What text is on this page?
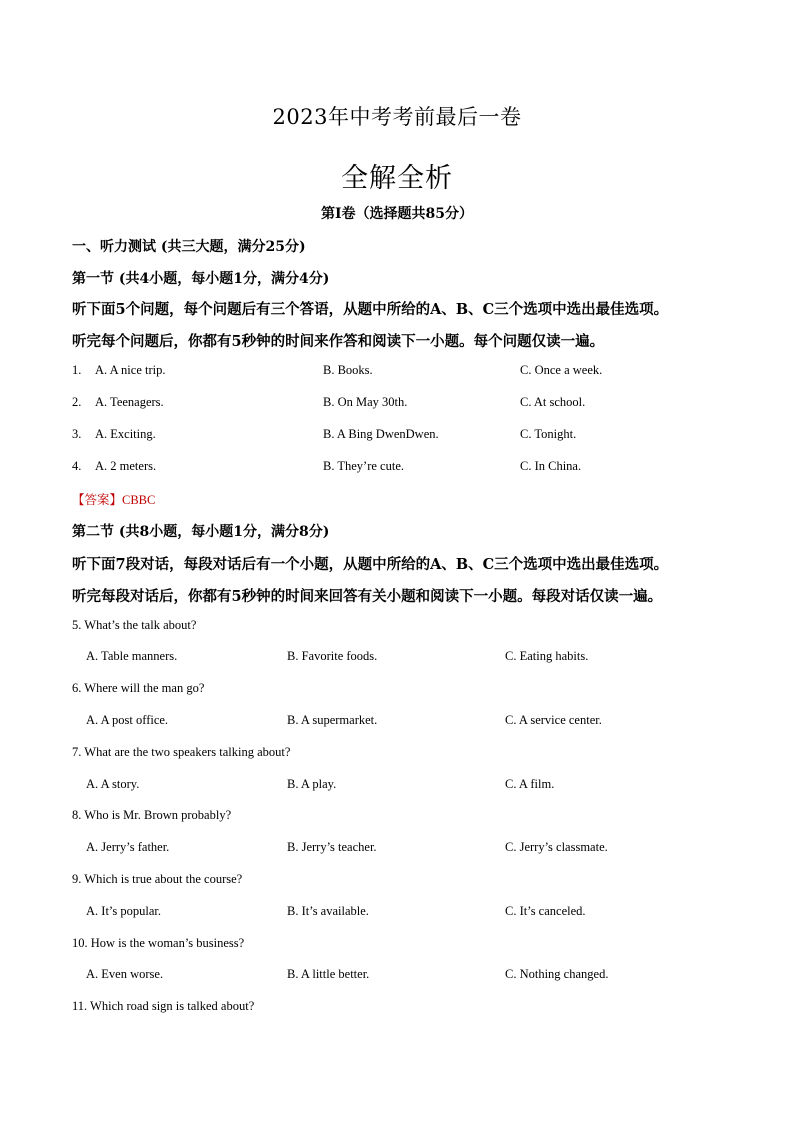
2023年中考考前最后一卷
全解全析
第Ⅰ卷（选择题共85分）
一、听力测试 (共三大题，满分25分)
第一节 (共4小题，每小题1分，满分4分)
听下面5个问题，每个问题后有三个答语，从题中所给的A、B、C三个选项中选出最佳选项。
听完每个问题后，你都有5秒钟的时间来作答和阅读下一小题。每个问题仅读一遍。
1. A. A nice trip.	B. Books.	C. Once a week.
2. A. Teenagers.	B. On May 30th.	C. At school.
3. A. Exciting.	B. A Bing DwenDwen.	C. Tonight.
4. A. 2 meters.	B. They’re cute.	C. In China.
【答案】CBBC
第二节 (共8小题，每小题1分，满分8分)
听下面7段对话，每段对话后有一个小题，从题中所给的A、B、C三个选项中选出最佳选项。
听完每段对话后，你都有5秒钟的时间来回答有关小题和阅读下一小题。每段对话仅读一遍。
5. What’s the talk about?
A. Table manners.	B. Favorite foods.	C. Eating habits.
6. Where will the man go?
A. A post office.	B. A supermarket.	C. A service center.
7. What are the two speakers talking about?
A. A story.	B. A play.	C. A film.
8. Who is Mr. Brown probably?
A. Jerry’s father.	B. Jerry’s teacher.	C. Jerry’s classmate.
9. Which is true about the course?
A. It’s popular.	B. It’s available.	C. It’s canceled.
10. How is the woman’s business?
A. Even worse.	B. A little better.	C. Nothing changed.
11. Which road sign is talked about?
